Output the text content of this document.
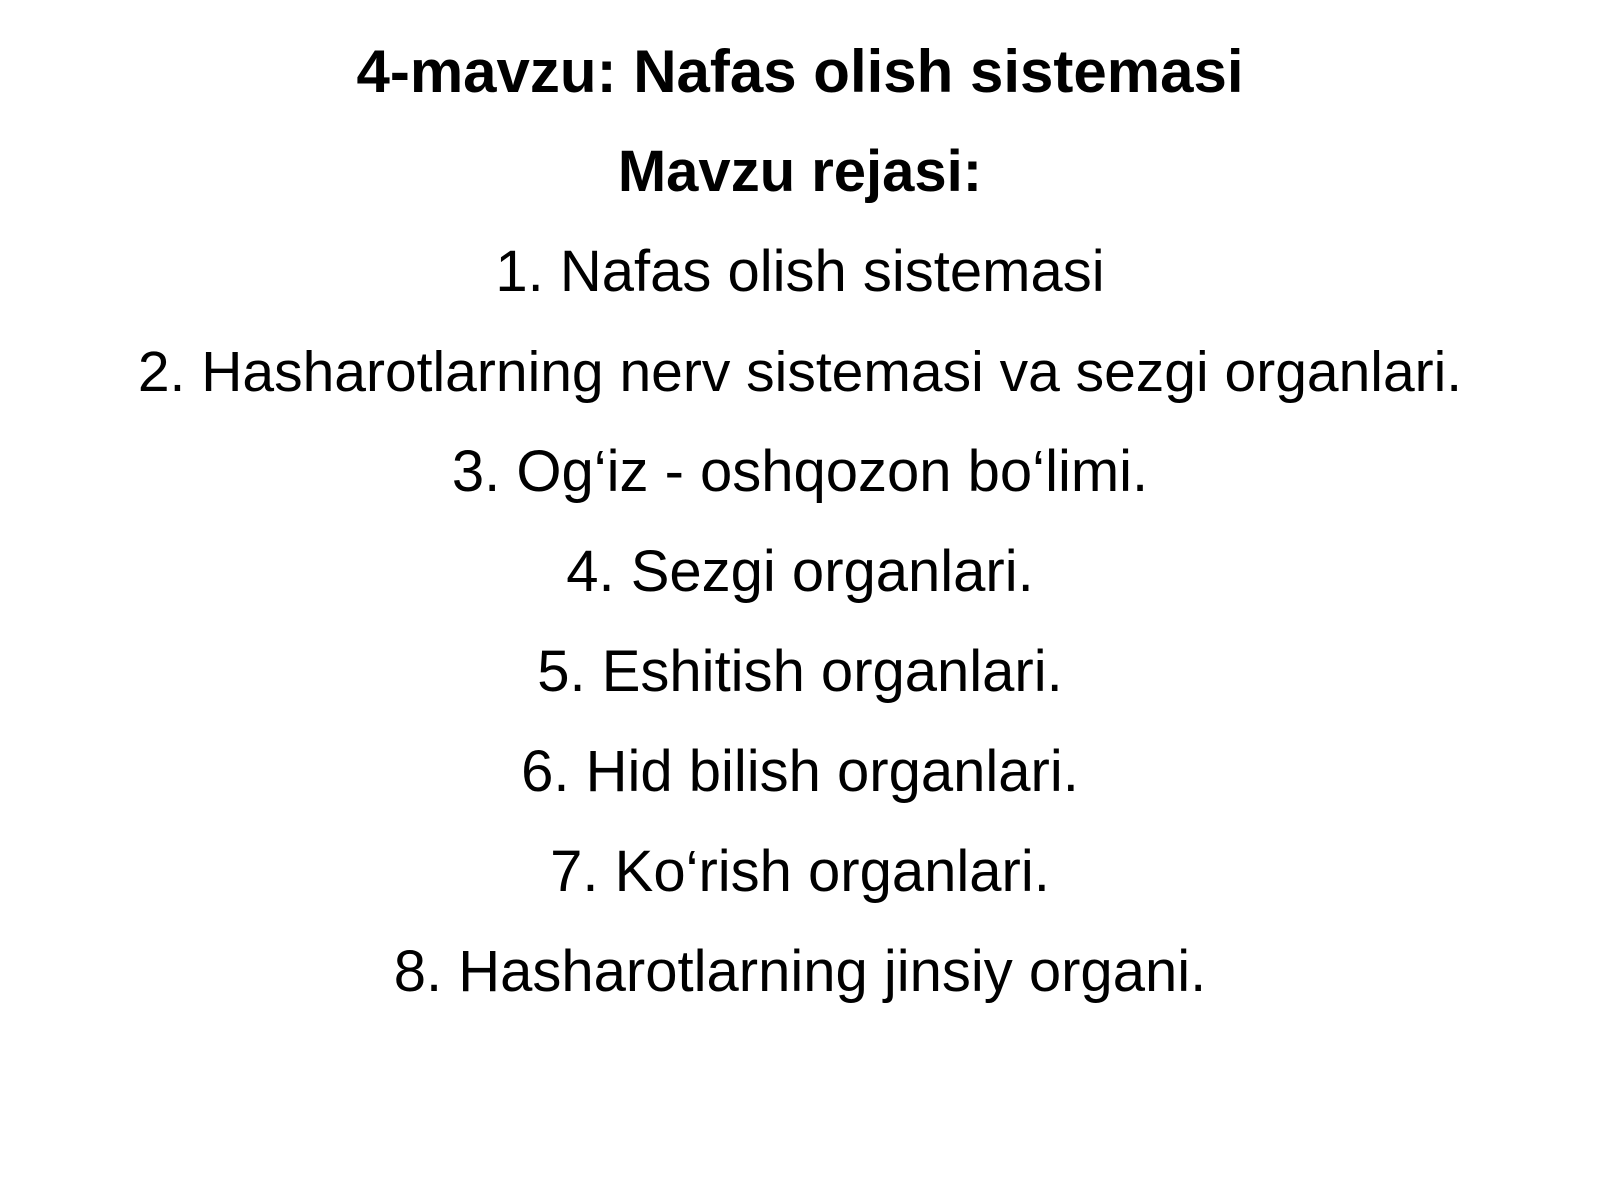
4-mavzu: Nafas olish sistemasi
Mavzu rejasi:
1. Nafas olish sistemasi
2. Hasharotlarning nerv sistemasi va sezgi organlari.
3. Og‘iz - oshqozon bo‘limi.
4. Sezgi organlari.
5. Eshitish organlari.
6. Hid bilish organlari.
7. Ko‘rish organlari.
8. Hasharotlarning jinsiy organi.
